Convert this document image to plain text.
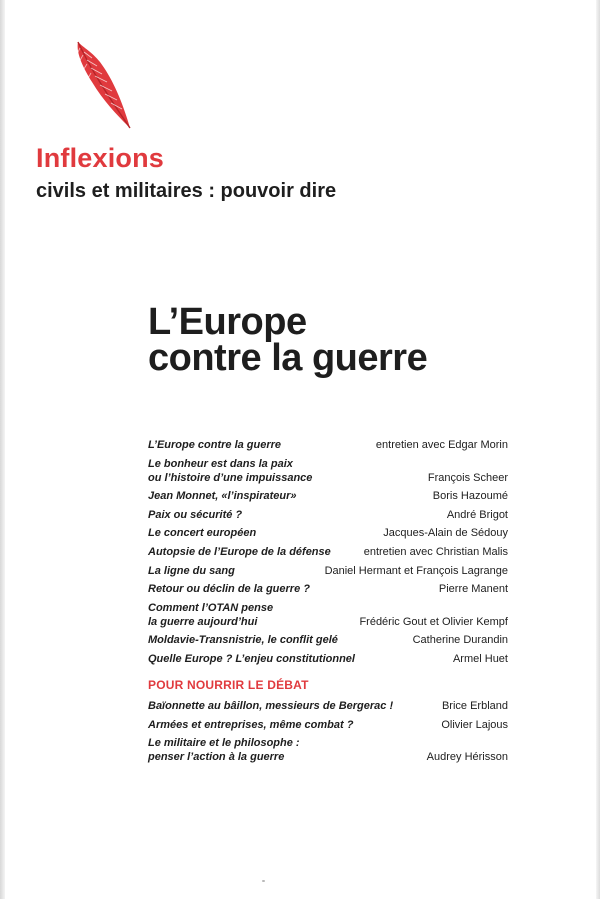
Inflexions
civils et militaires : pouvoir dire
L’Europe
contre la guerre
L’Europe contre la guerre	entretien avec Edgar Morin
Le bonheur est dans la paix
ou l’histoire d’une impuissance	François Scheer
Jean Monnet, «l’inspirateur»	Boris Hazoumé
Paix ou sécurité ?	André Brigot
Le concert européen	Jacques-Alain de Sédouy
Autopsie de l’Europe de la défense	entretien avec Christian Malis
La ligne du sang	Daniel Hermant et François Lagrange
Retour ou déclin de la guerre ?	Pierre Manent
Comment l’OTAN pense
la guerre aujourd’hui	Frédéric Gout et Olivier Kempf
Moldavie-Transnistrie, le conflit gelé	Catherine Durandin
Quelle Europe ? L’enjeu constitutionnel	Armel Huet
POUR NOURRIR LE DÉBAT
Baïonnette au bâillon, messieurs de Bergerac !	Brice Erbland
Armées et entreprises, même combat ?	Olivier Lajous
Le militaire et le philosophe :
penser l’action à la guerre	Audrey Hérisson
